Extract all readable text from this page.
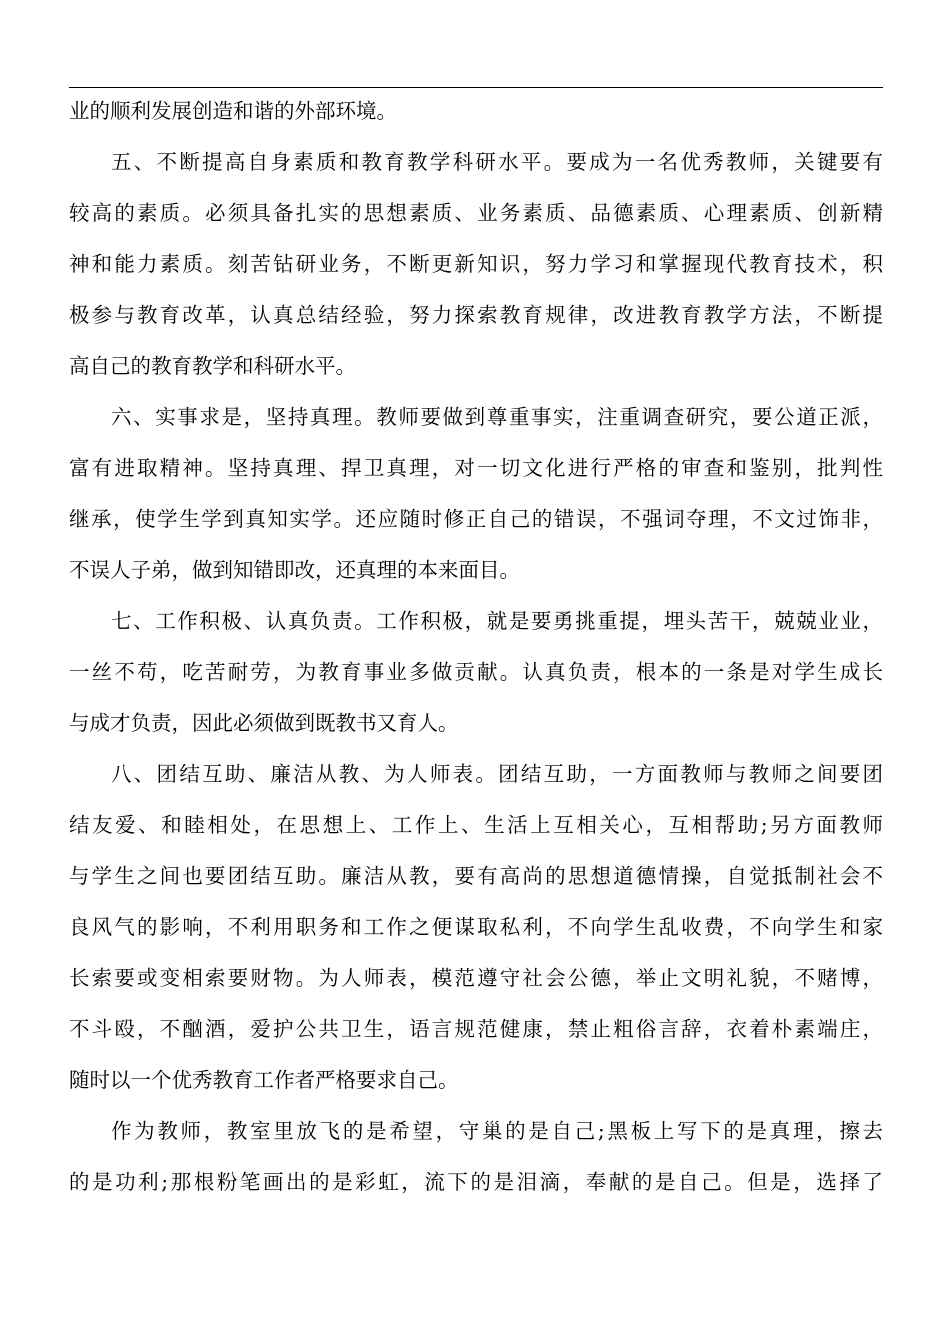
业的顺利发展创造和谐的外部环境。
五、不断提高自身素质和教育教学科研水平。要成为一名优秀教师，关键要有
较高的素质。必须具备扎实的思想素质、业务素质、品德素质、心理素质、创新精
神和能力素质。刻苦钻研业务，不断更新知识，努力学习和掌握现代教育技术，积
极参与教育改革，认真总结经验，努力探索教育规律，改进教育教学方法，不断提
高自己的教育教学和科研水平。
六、实事求是，坚持真理。教师要做到尊重事实，注重调查研究，要公道正派，
富有进取精神。坚持真理、捍卫真理，对一切文化进行严格的审查和鉴别，批判性
继承，使学生学到真知实学。还应随时修正自己的错误，不强词夺理，不文过饰非，
不误人子弟，做到知错即改，还真理的本来面目。
七、工作积极、认真负责。工作积极，就是要勇挑重提，埋头苦干，兢兢业业，
一丝不苟，吃苦耐劳，为教育事业多做贡献。认真负责，根本的一条是对学生成长
与成才负责，因此必须做到既教书又育人。
八、团结互助、廉洁从教、为人师表。团结互助，一方面教师与教师之间要团
结友爱、和睦相处，在思想上、工作上、生活上互相关心，互相帮助;另方面教师
与学生之间也要团结互助。廉洁从教，要有高尚的思想道德情操，自觉抵制社会不
良风气的影响，不利用职务和工作之便谋取私利，不向学生乱收费，不向学生和家
长索要或变相索要财物。为人师表，模范遵守社会公德，举止文明礼貌，不赌博，
不斗殴，不酗酒，爱护公共卫生，语言规范健康，禁止粗俗言辞，衣着朴素端庄，
随时以一个优秀教育工作者严格要求自己。
作为教师，教室里放飞的是希望，守巢的是自己;黑板上写下的是真理，擦去
的是功利;那根粉笔画出的是彩虹，流下的是泪滴，奉献的是自己。但是，选择了
